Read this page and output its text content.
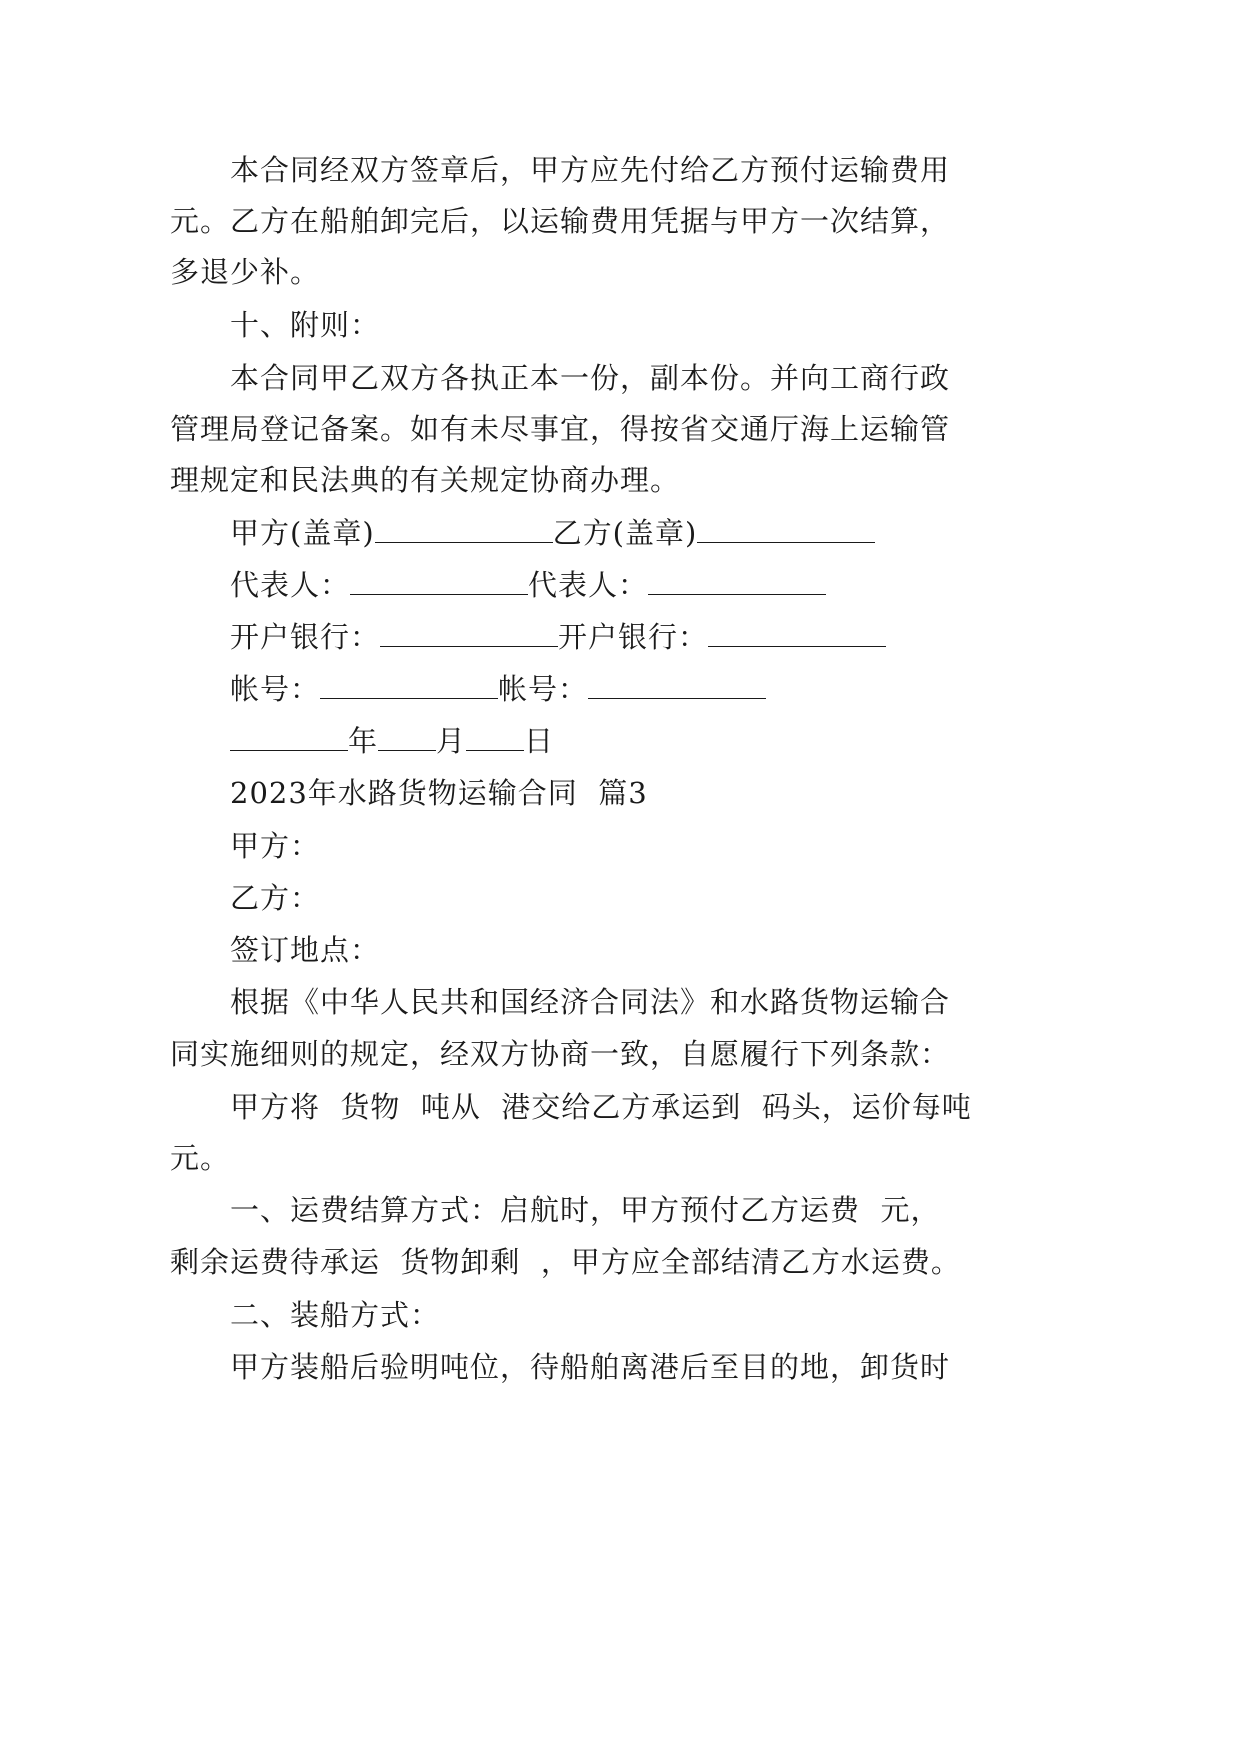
本合同经双方签章后，甲方应先付给乙方预付运输费用
元。乙方在船舶卸完后，以运输费用凭据与甲方一次结算，
多退少补。
十、附则：
本合同甲乙双方各执正本一份，副本份。并向工商行政
管理局登记备案。如有未尽事宜，得按省交通厅海上运输管
理规定和民法典的有关规定协商办理。
甲方(盖章)	乙方(盖章)
代表人：	代表人：
开户银行：	开户银行：
帐号：	帐号：
年 月 日
2023年水路货物运输合同  篇3
甲方：
乙方：
签订地点：
根据《中华人民共和国经济合同法》和水路货物运输合
同实施细则的规定，经双方协商一致，自愿履行下列条款：
甲方将  货物  吨从  港交给乙方承运到  码头，运价每吨
元。
一、运费结算方式：启航时，甲方预付乙方运费  元，
剩余运费待承运  货物卸剩  ，甲方应全部结清乙方水运费。
二、装船方式：
甲方装船后验明吨位，待船舶离港后至目的地，卸货时
